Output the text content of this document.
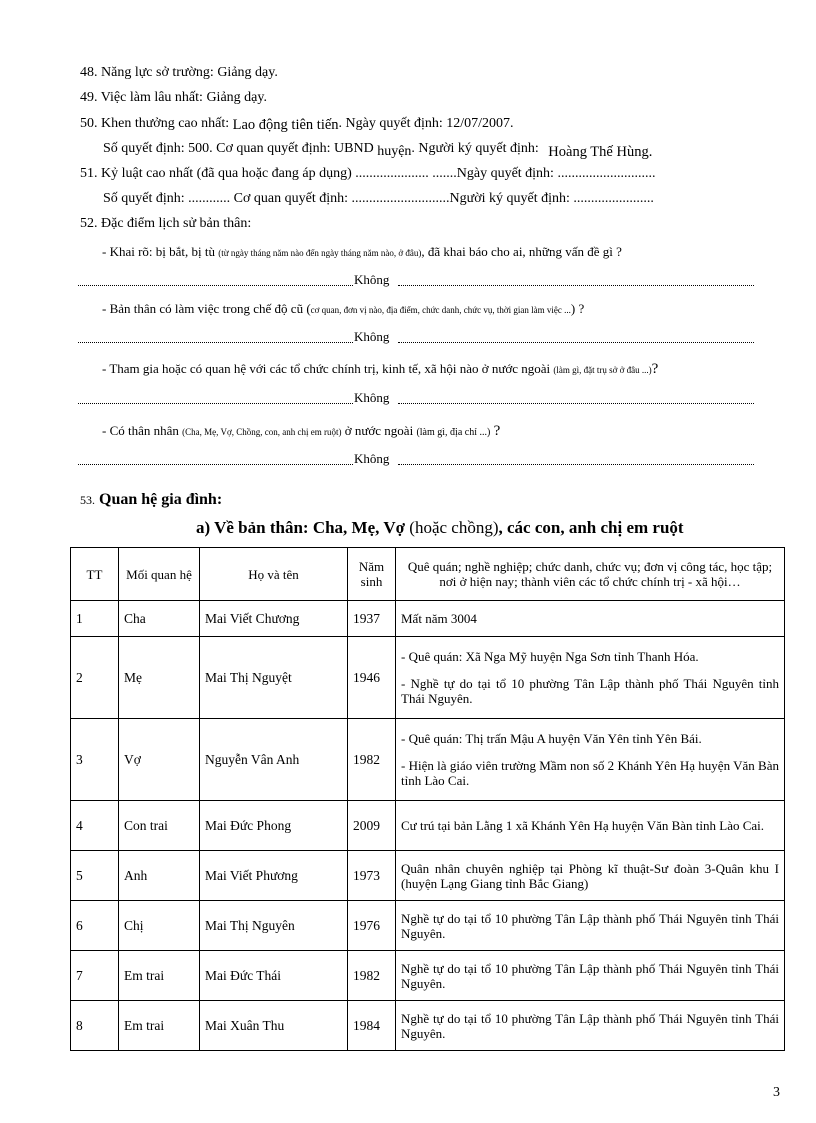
48. Năng lực sở trường: Giảng dạy.
49. Việc làm lâu nhất: Giảng dạy.
50. Khen thưởng cao nhất: Lao động tiên tiến. Ngày quyết định: 12/07/2007.
Số quyết định: 500. Cơ quan quyết định: UBND huyện. Người ký quyết định: Hoàng Thế Hùng.
51. Kỷ luật cao nhất (đã qua hoặc đang áp dụng) ..................... .......Ngày quyết định: ............................
Số quyết định: ............ Cơ quan quyết định: ............................Người ký quyết định: .......................
52. Đặc điểm lịch sử bản thân:
- Khai rõ: bị bắt, bị tù (từ ngày tháng năm nào đến ngày tháng năm nào, ở đâu), đã khai báo cho ai, những vấn đề gì ?
Không
- Bản thân có làm việc trong chế độ cũ (cơ quan, đơn vị nào, địa điểm, chức danh, chức vụ, thời gian làm việc ...) ?
Không
- Tham gia hoặc có quan hệ với các tổ chức chính trị, kinh tế, xã hội nào ở nước ngoài (làm gì, đặt trụ sở ở đâu ...)?
Không
- Có thân nhân (Cha, Mẹ, Vợ, Chồng, con, anh chị em ruột) ở nước ngoài (làm gì, địa chỉ ...) ?
Không
53. Quan hệ gia đình:
a) Về bản thân: Cha, Mẹ, Vợ (hoặc chồng), các con, anh chị em ruột
TT	Mối quan hệ	Họ và tên	Năm sinh	Quê quán; nghề nghiệp; chức danh, chức vụ; đơn vị công tác, học tập; nơi ở hiện nay; thành viên các tổ chức chính trị - xã hội…
1	Cha	Mai Viết Chương	1937	Mất năm 3004

2	Mẹ	Mai Thị Nguyệt	1946	- Quê quán: Xã Nga Mỹ huyện Nga Sơn tỉnh Thanh Hóa.
- Nghề tự do tại tổ 10 phường Tân Lập thành phố Thái Nguyên tỉnh Thái Nguyên.

3	Vợ	Nguyễn Vân Anh	1982	- Quê quán: Thị trấn Mậu A huyện Văn Yên tỉnh Yên Bái.
- Hiện là giáo viên trường Mầm non số 2 Khánh Yên Hạ huyện Văn Bàn tỉnh Lào Cai.

4	Con trai	Mai Đức Phong	2009	Cư trú tại bản Lằng 1 xã Khánh Yên Hạ huyện Văn Bàn tỉnh Lào Cai.

5	Anh	Mai Viết Phương	1973	Quân nhân chuyên nghiệp tại Phòng kĩ thuật-Sư đoàn 3-Quân khu I (huyện Lạng Giang tỉnh Bắc Giang)

6	Chị	Mai Thị Nguyên	1976	Nghề tự do tại tổ 10 phường Tân Lập thành phố Thái Nguyên tỉnh Thái Nguyên.

7	Em trai	Mai Đức Thái	1982	Nghề tự do tại tổ 10 phường Tân Lập thành phố Thái Nguyên tỉnh Thái Nguyên.

8	Em trai	Mai Xuân Thu	1984	Nghề tự do tại tổ 10 phường Tân Lập thành phố Thái Nguyên tỉnh Thái Nguyên.
3
